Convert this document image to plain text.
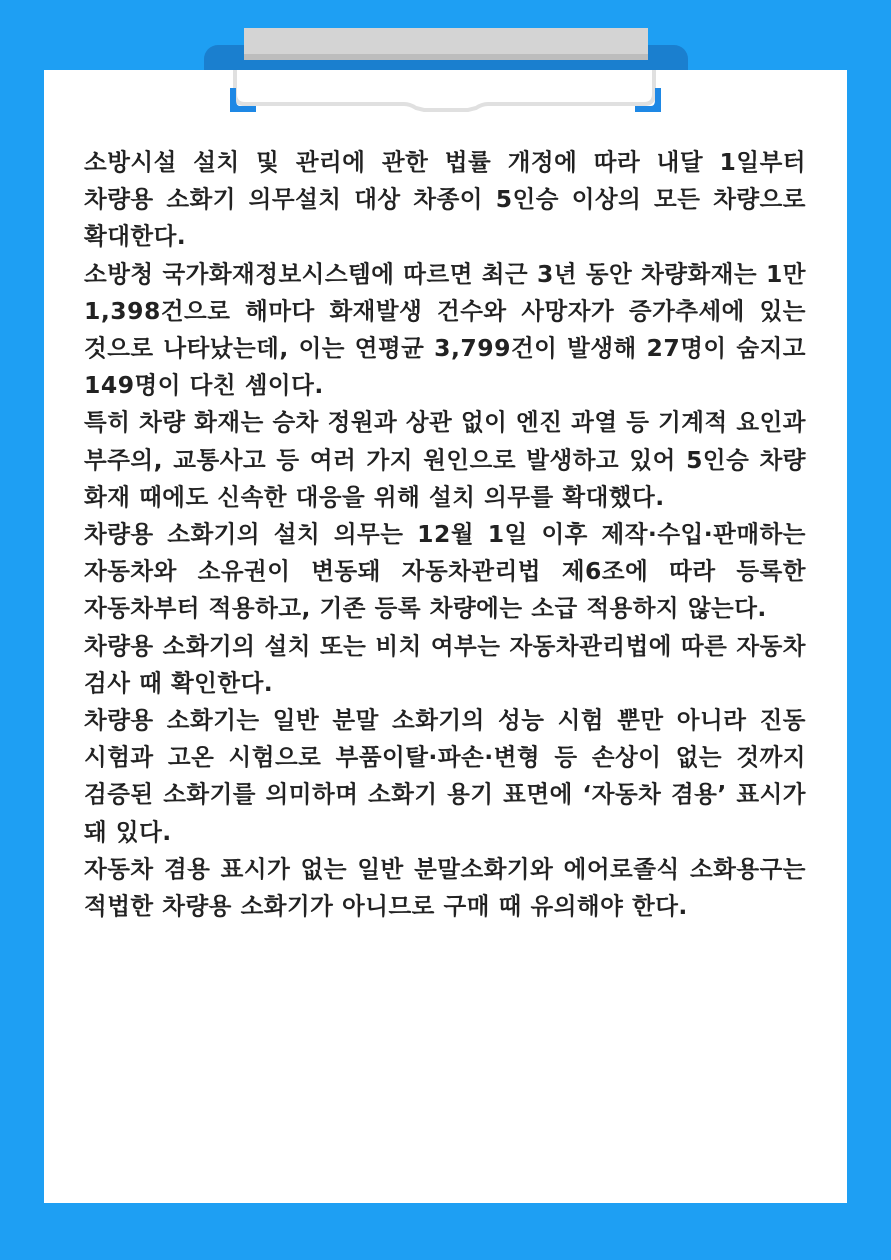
소방시설 설치 및 관리에 관한 법률 개정에 따라 내달 1일부터 차량용 소화기 의무설치 대상 차종이 5인승 이상의 모든 차량으로 확대한다.

소방청 국가화재정보시스템에 따르면 최근 3년 동안 차량화재는 1만 1,398건으로 해마다 화재발생 건수와 사망자가 증가추세에 있는 것으로 나타났는데, 이는 연평균 3,799건이 발생해 27명이 숨지고 149명이 다친 셈이다.

특히 차량 화재는 승차 정원과 상관 없이 엔진 과열 등 기계적 요인과 부주의, 교통사고 등 여러 가지 원인으로 발생하고 있어 5인승 차량 화재 때에도 신속한 대응을 위해 설치 의무를 확대했다.

차량용 소화기의 설치 의무는 12월 1일 이후 제작·수입·판매하는 자동차와 소유권이 변동돼 자동차관리법 제6조에 따라 등록한 자동차부터 적용하고, 기존 등록 차량에는 소급 적용하지 않는다.

차량용 소화기의 설치 또는 비치 여부는 자동차관리법에 따른 자동차 검사 때 확인한다.

차량용 소화기는 일반 분말 소화기의 성능 시험 뿐만 아니라 진동 시험과 고온 시험으로 부품이탈·파손·변형 등 손상이 없는 것까지 검증된 소화기를 의미하며 소화기 용기 표면에 ‘자동차 겸용’ 표시가 돼 있다.

자동차 겸용 표시가 없는 일반 분말소화기와 에어로졸식 소화용구는 적법한 차량용 소화기가 아니므로 구매 때 유의해야 한다.
